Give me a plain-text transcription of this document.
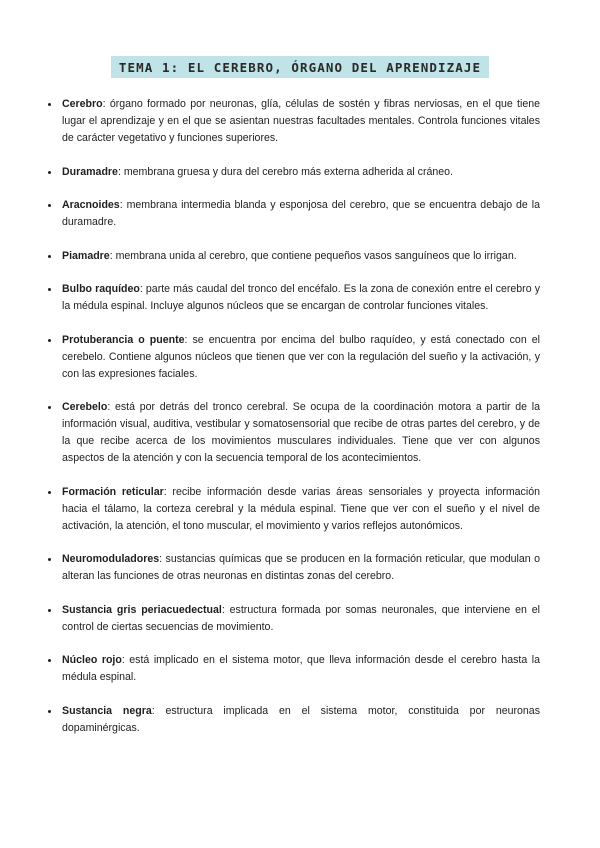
TEMA 1: EL CEREBRO, ÓRGANO DEL APRENDIZAJE
Cerebro: órgano formado por neuronas, glía, células de sostén y fibras nerviosas, en el que tiene lugar el aprendizaje y en el que se asientan nuestras facultades mentales. Controla funciones vitales de carácter vegetativo y funciones superiores.
Duramadre: membrana gruesa y dura del cerebro más externa adherida al cráneo.
Aracnoides: membrana intermedia blanda y esponjosa del cerebro, que se encuentra debajo de la duramadre.
Piamadre: membrana unida al cerebro, que contiene pequeños vasos sanguíneos que lo irrigan.
Bulbo raquídeo: parte más caudal del tronco del encéfalo. Es la zona de conexión entre el cerebro y la médula espinal. Incluye algunos núcleos que se encargan de controlar funciones vitales.
Protuberancia o puente: se encuentra por encima del bulbo raquídeo, y está conectado con el cerebelo. Contiene algunos núcleos que tienen que ver con la regulación del sueño y la activación, y con las expresiones faciales.
Cerebelo: está por detrás del tronco cerebral. Se ocupa de la coordinación motora a partir de la información visual, auditiva, vestibular y somatosensorial que recibe de otras partes del cerebro, y de la que recibe acerca de los movimientos musculares individuales. Tiene que ver con algunos aspectos de la atención y con la secuencia temporal de los acontecimientos.
Formación reticular: recibe información desde varias áreas sensoriales y proyecta información hacia el tálamo, la corteza cerebral y la médula espinal. Tiene que ver con el sueño y el nivel de activación, la atención, el tono muscular, el movimiento y varios reflejos autonómicos.
Neuromoduladores: sustancias químicas que se producen en la formación reticular, que modulan o alteran las funciones de otras neuronas en distintas zonas del cerebro.
Sustancia gris periacuedectual: estructura formada por somas neuronales, que interviene en el control de ciertas secuencias de movimiento.
Núcleo rojo: está implicado en el sistema motor, que lleva información desde el cerebro hasta la médula espinal.
Sustancia negra: estructura implicada en el sistema motor, constituida por neuronas dopaminérgicas.
